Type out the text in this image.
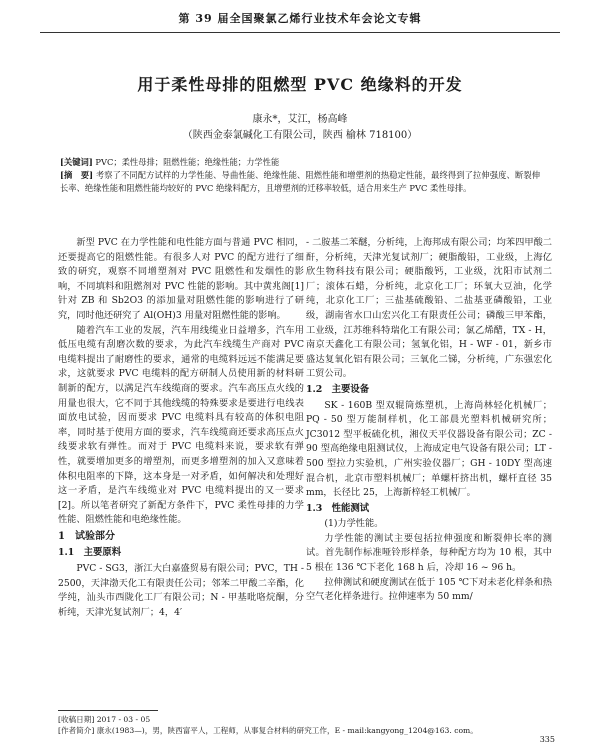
第 39 届全国聚氯乙烯行业技术年会论文专辑
用于柔性母排的阻燃型 PVC 绝缘料的开发
康永*，艾江，杨高峰
（陕西金泰氯碱化工有限公司，陕西 榆林 718100）

[关键词] PVC；柔性母排；阻燃性能；绝缘性能；力学性能

[摘　要] 考察了不同配方试样的力学性能、导曲性能、绝缘性能、阻燃性能和增塑剂的热稳定性能，最终得到了拉伸强度、断裂伸长率、绝缘性能和阻燃性能均较好的 PVC 绝缘料配方，且增塑剂的迁移率较低，适合用来生产 PVC 柔性母排。

新型 PVC 在力学性能和电性能方面与普通 PVC 相同，还要提高它的阻燃性能。有很多人对 PVC 的配方进行了细致的研究，观察不同增塑剂对 PVC 阻燃性和发烟性的影响，不同填料和阻燃剂对 PVC 性能的影响。其中黄兆阁[1]针对 ZB 和 Sb2O3 的添加量对阻燃性能的影响进行了研究，同时他还研究了 Al(OH)3 用量对阻燃性能的影响。

随着汽车工业的发展，汽车用线缆业日益增多，汽车用低压电缆有刮磨次数的要求，为此汽车线缆生产商对 PVC 电缆料提出了耐磨性的要求，通常的电缆料远远不能满足要求，这就要求 PVC 电缆料的配方研制人员使用新的材料研制新的配方，以满足汽车线缆商的要求。汽车高压点火线的用量也很大，它不同于其他线缆的特殊要求是要进行电线表面放电试验，因而要求 PVC 电缆料具有较高的体积电阻率，同时基于使用方面的要求，汽车线缆商还要求高压点火线要求软有弹性。而对于 PVC 电缆料来说，要求软有弹性，就要增加更多的增塑剂，而更多增塑剂的加入又意味着体积电阻率的下降，这本身是一对矛盾，如何解决和处理好这一矛盾，是汽车线缆业对 PVC 电缆料提出的又一要求[2]。所以笔者研究了新配方条件下，PVC 柔性母排的力学性能、阻燃性能和电绝缘性能。

1　试验部分
1.1　主要原料

PVC - SG3，浙江大白嘉盛贸易有限公司；PVC，TH - 2500，天津渤天化工有限责任公司；邻苯二甲酸二辛酯，化学纯，汕头市西陇化工厂有限公司；N - 甲基吡咯烷酮，分析纯，天津光复试剂厂；4，4′

- 二胺基二苯醚，分析纯，上海邦成有限公司；均苯四甲酸二酐，分析纯，天津光复试剂厂；硬脂酸铅，工业级，上海亿欣生物科技有限公司；硬脂酸钙，工业级，沈阳市试剂二厂；滚体石蜡，分析纯，北京化工厂；环氧大豆油，化学纯，北京化工厂；三盐基硫酸铅、二盐基亚磷酸铅，工业级，湖南省水口山宏兴化工有限责任公司；磷酸三甲苯酯，工业级，江苏维科特瑞化工有限公司；氯乙烯醋，TX - H，南京天鑫化工有限公司；氢氧化铝，H - WF - 01，新乡市盛达复氧化铝有限公司；三氧化二锑，分析纯，广东强宏化工贸公司。

1.2　主要设备

SK - 160B 型双辊筒炼塑机，上海尚林轻化机械厂；PQ - 50 型万能制样机，化工部晨光塑料机械研究所；JC3012 型平板硫化机，湘仪天平仪器设备有限公司；ZC - 90 型高绝缘电阻测试仪，上海成定电气设备有限公司；LT - 500 型拉力实验机，广州实验仪器厂；GH - 10DY 型高速混合机，北京市塑料机械厂；单螺杆挤出机，螺杆直径 35 mm，长径比 25，上海新梓轻工机械厂。

1.3　性能测试

(1)力学性能。

力学性能的测试主要包括拉伸强度和断裂伸长率的测试。首先制作标准哑铃形样条，每种配方均为 10 根，其中 5 根在 136 ℃下老化 168 h 后，冷却 16 ~ 96 h。

拉伸测试和硬度测试在低于 105 ℃下对未老化样条和热空气老化样条进行。拉伸速率为 50 mm/

[收稿日期] 2017 - 03 - 05
[作者简介] 康永(1983—)，男，陕西富平人，工程师，从事复合材料的研究工作，E - mail:kangyong_1204@163. com。
335
